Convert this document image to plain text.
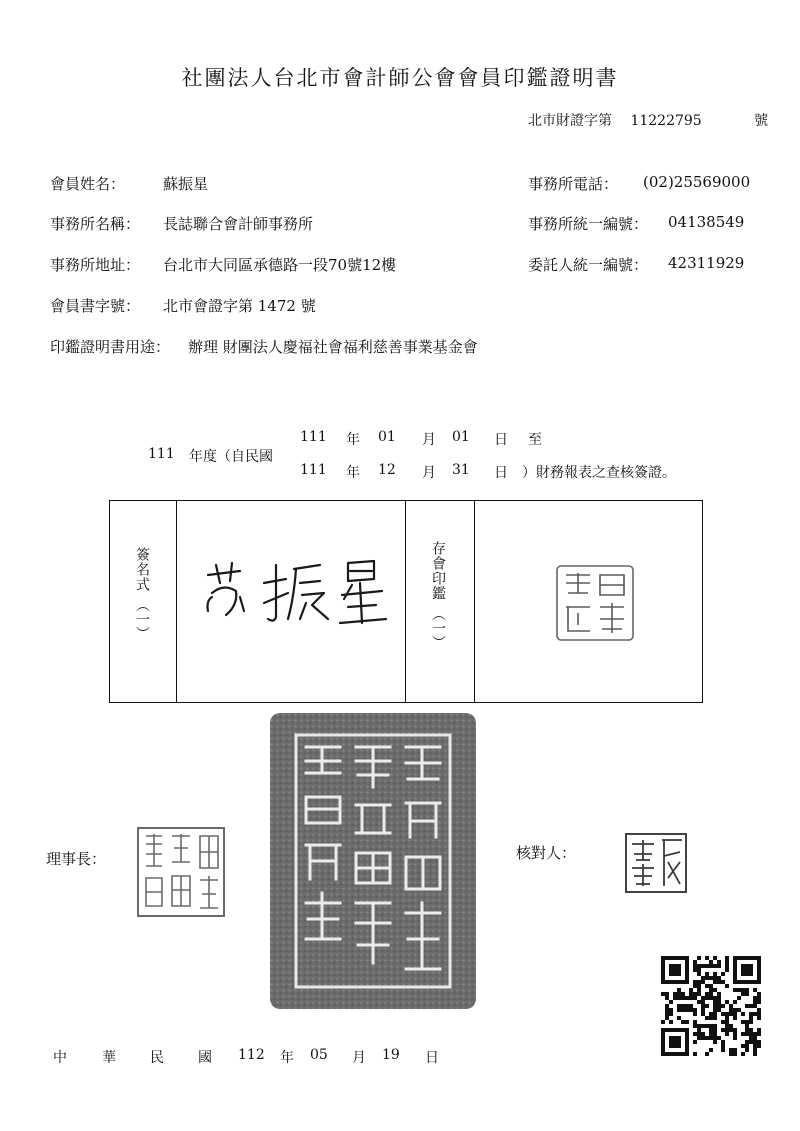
社團法人台北市會計師公會會員印鑑證明書
北市財證字第 11222795	號
會員姓名：	蘇振星
事務所名稱： 長誌聯合會計師事務所
事務所地址： 台北市大同區承德路一段70號12樓
會員書字號： 北市會證字第 1472 號
事務所電話： (02)25569000
事務所統一編號： 04138549
委託人統一編號： 42311929
印鑑證明書用途： 辦理 財團法人慶福社會福利慈善事業基金會
111 年度（自民國
111 年 01 月 01 日 至
111 年 12 月 31 日 ）財務報表之查核簽證。
簽名式
（一）
存會印鑑
（一）
理事長：	核對人：
中	華 民 國 112 年 05 月 19 日
